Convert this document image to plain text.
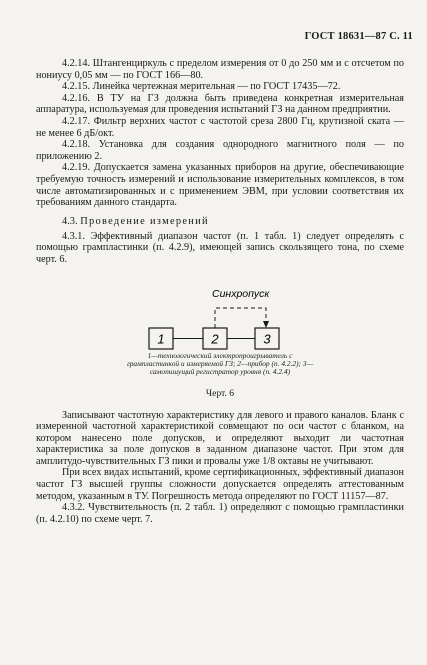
ГОСТ 18631—87 С. 11

4.2.14. Штангенциркуль с пределом измерения от 0 до 250 мм и с отсчетом по нониусу 0,05 мм — по ГОСТ 166—80.

4.2.15. Линейка чертежная мерительная — по ГОСТ 17435—72.

4.2.16. В ТУ на ГЗ должна быть приведена конкретная измерительная аппаратура, используемая для проведения испытаний ГЗ на данном предприятии.

4.2.17. Фильтр верхних частот с частотой среза 2800 Гц, крутизной ската — не менее 6 дБ/окт.

4.2.18. Установка для создания однородного магнитного поля — по приложению 2.

4.2.19. Допускается замена указанных приборов на другие, обеспечивающие требуемую точность измерений и использование измерительных комплексов, в том числе автоматизированных и с применением ЭВМ, при условии соответствия их требованиям данного стандарта.

4.3. Проведение измерений

4.3.1. Эффективный диапазон частот (п. 1 табл. 1) следует определять с помощью грампластинки (п. 4.2.9), имеющей запись скользящего тона, по схеме черт. 6.

Синхропуск
1	2	3
1—технологический электропроигрыватель с грампластинкой и измеряемой ГЗ; 2—прибор (п. 4.2.2); 3—самопишущий регистратор уровня (п. 4.2.4)
Черт. 6

Записывают частотную характеристику для левого и правого каналов. Бланк с измеренной частотной характеристикой совмещают по оси частот с бланком, на котором нанесено поле допусков, и определяют выходит ли частотная характеристика за поле допусков в заданном диапазоне частот. При этом для амплитудо-чувствительных ГЗ пики и провалы уже 1/8 октавы не учитывают.

При всех видах испытаний, кроме сертификационных, эффективный диапазон частот ГЗ высшей группы сложности допускается определять аттестованным методом, указанным в ТУ. Погрешность метода определяют по ГОСТ 11157—87.

4.3.2. Чувствительность (п. 2 табл. 1) определяют с помощью грампластинки (п. 4.2.10) по схеме черт. 7.
